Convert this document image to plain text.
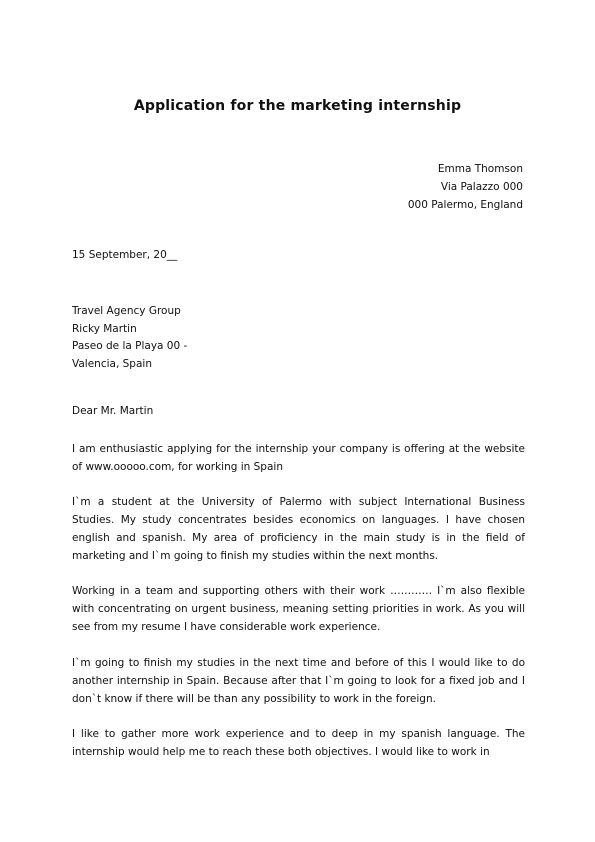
Application for the marketing internship
Emma Thomson
Via Palazzo 000
000 Palermo, England
15 September, 20__
Travel Agency Group
Ricky Martin
Paseo de la Playa 00 -
Valencia, Spain
Dear Mr. Martin
I am enthusiastic applying for the internship your company is offering at the website of www.ooooo.com, for working in Spain
I`m a student at the University of Palermo with subject International Business Studies. My study concentrates besides economics on languages. I have chosen english and spanish. My area of proficiency in the main study is in the field of marketing and I`m going to finish my studies within the next months.
Working in a team and supporting others with their work ………… I`m also flexible with concentrating on urgent business, meaning setting priorities in work. As you will see from my resume I have considerable work experience.
I`m going to finish my studies in the next time and before of this I would like to do another internship in Spain. Because after that I`m going to look for a fixed job and I don`t know if there will be than any possibility to work in the foreign.
I like to gather more work experience and to deep in my spanish language. The internship would help me to reach these both objectives. I would like to work in
